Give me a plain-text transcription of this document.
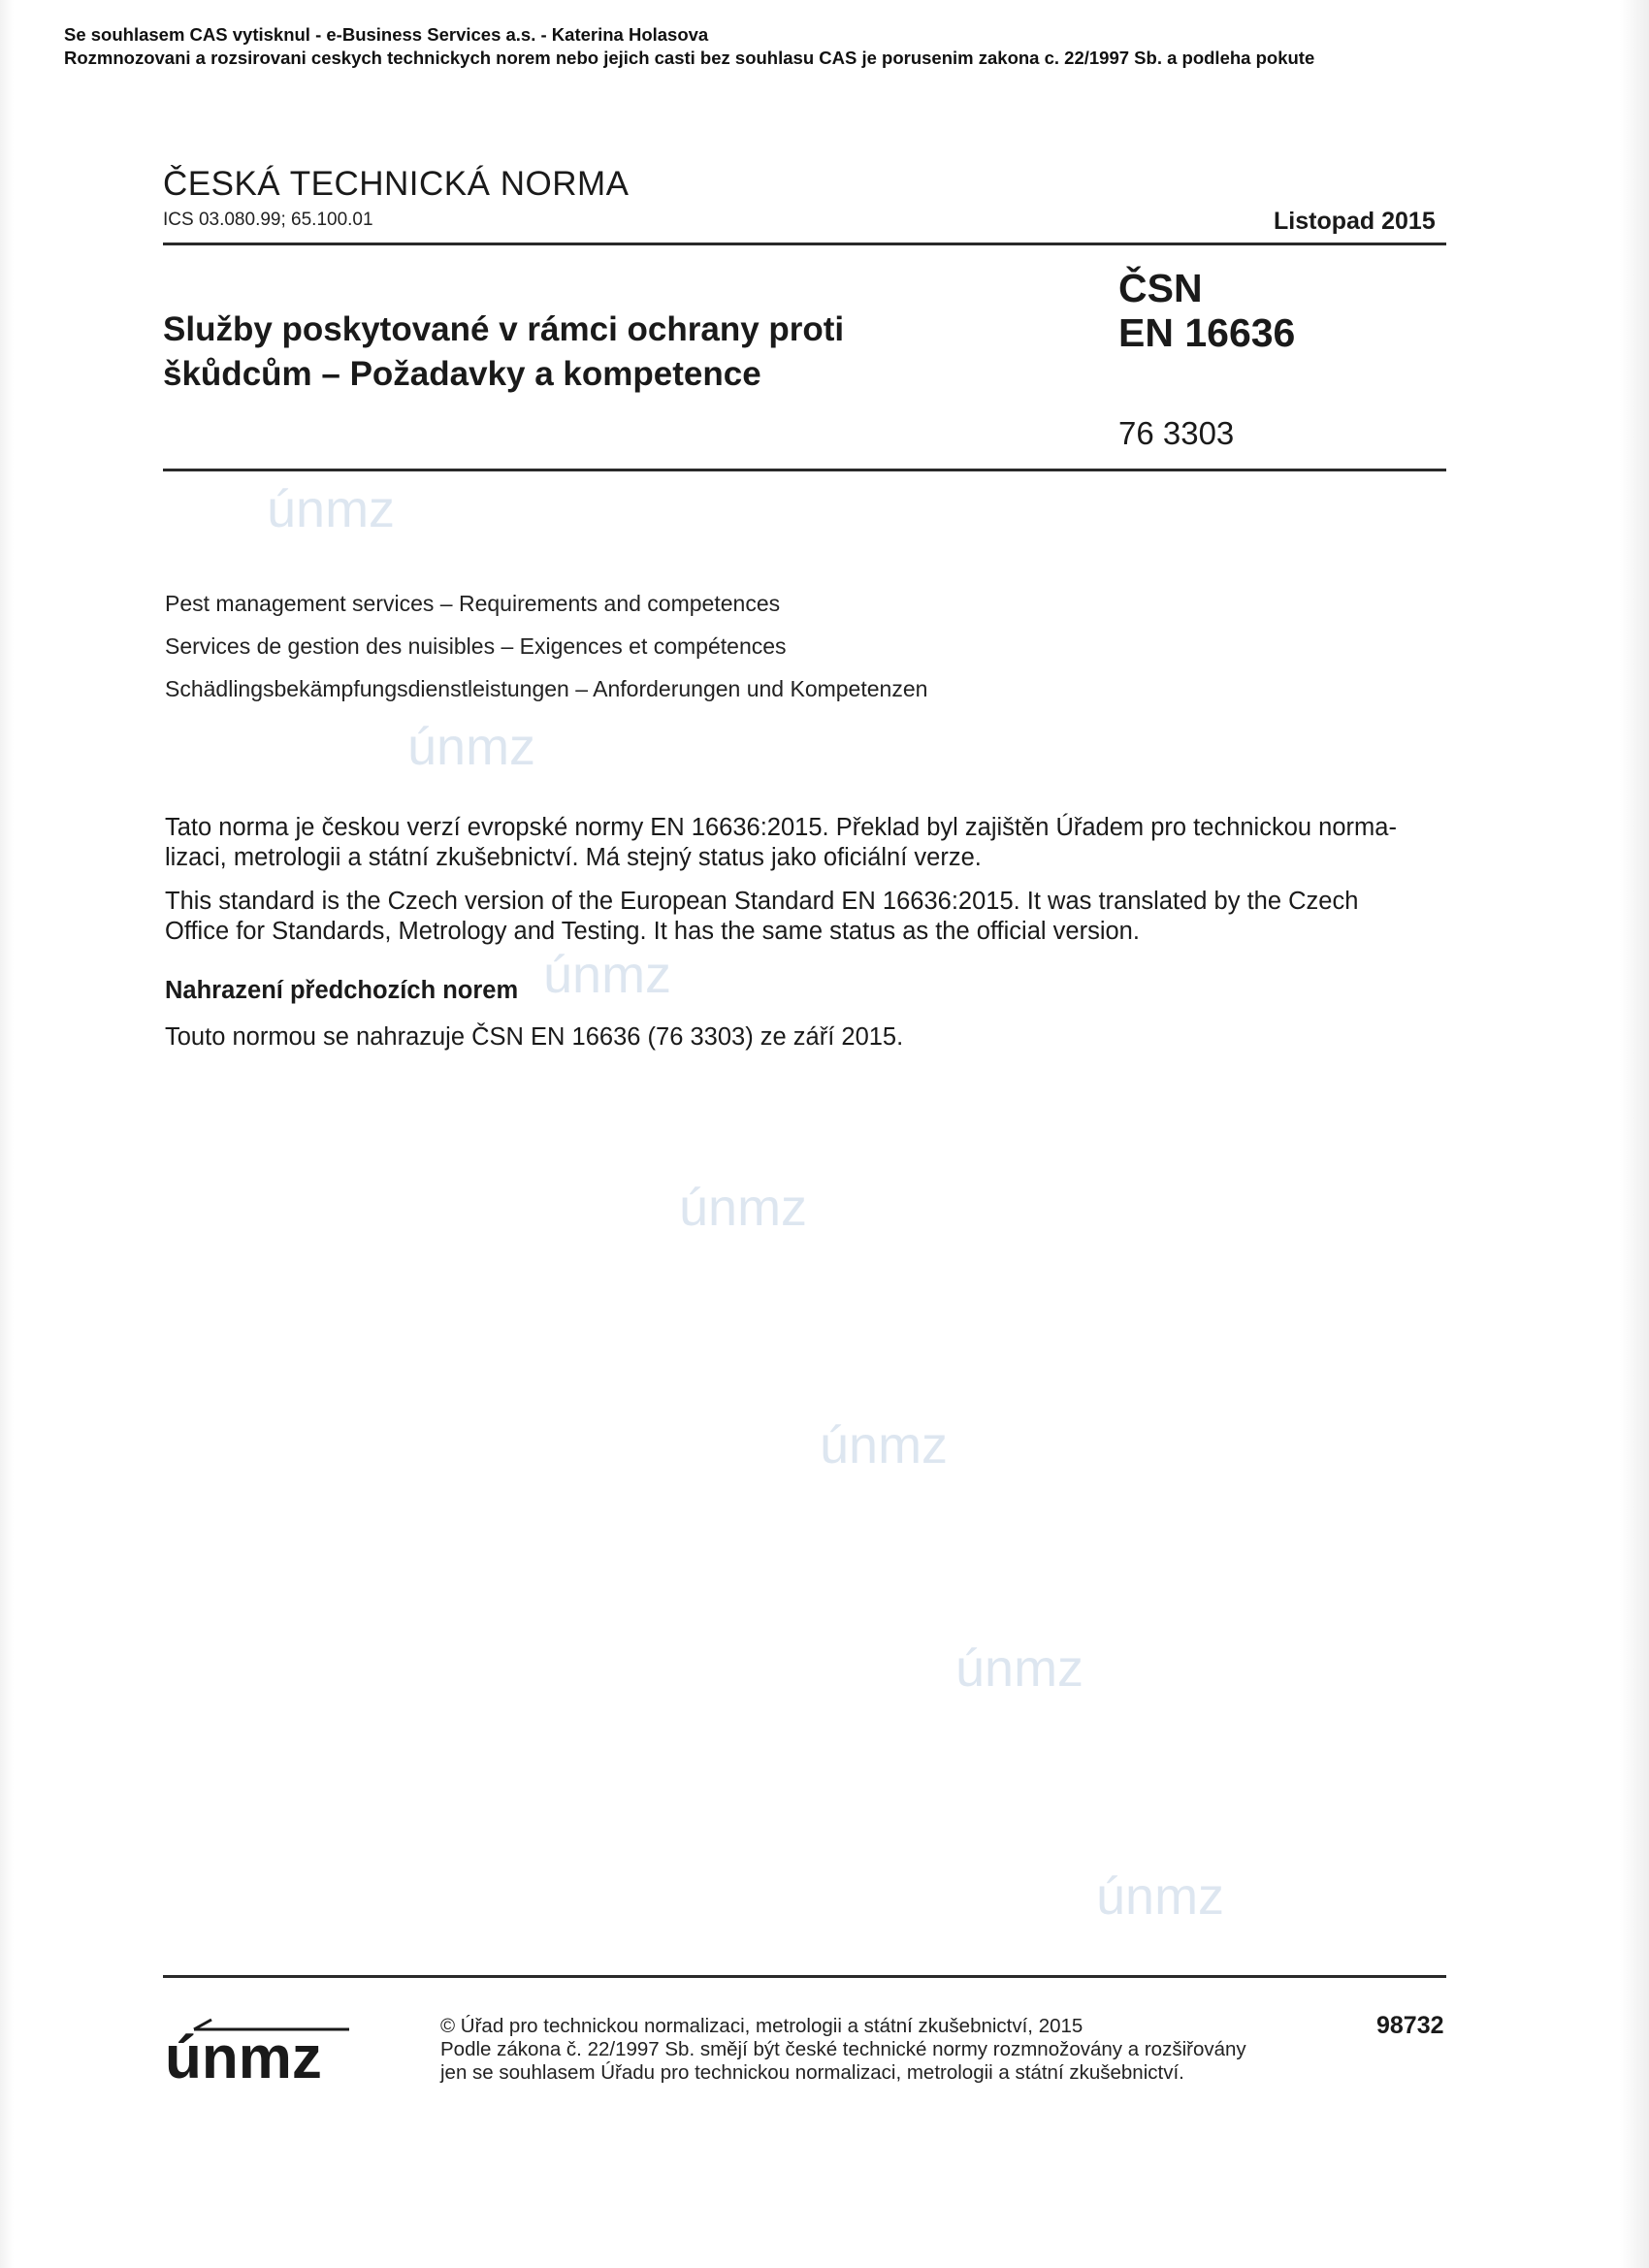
únmz
únmz
únmz
únmz
únmz
únmz
únmz
Se souhlasem CAS vytisknul - e-Business Services a.s. - Katerina Holasova
Rozmnozovani a rozsirovani ceskych technickych norem nebo jejich casti bez souhlasu CAS je porusenim zakona c. 22/1997 Sb. a podleha pokute
ČESKÁ TECHNICKÁ NORMA
ICS 03.080.99; 65.100.01	Listopad 2015
Služby poskytované v rámci ochrany proti
škůdcům – Požadavky a kompetence
ČSN
EN 16636
76 3303
Pest management services – Requirements and competences
Services de gestion des nuisibles – Exigences et compétences
Schädlingsbekämpfungsdienstleistungen – Anforderungen und Kompetenzen
Tato norma je českou verzí evropské normy EN 16636:2015. Překlad byl zajištěn Úřadem pro technickou norma-
lizaci, metrologii a státní zkušebnictví. Má stejný status jako oficiální verze.
This standard is the Czech version of the European Standard EN 16636:2015. It was translated by the Czech
Office for Standards, Metrology and Testing. It has the same status as the official version.
Nahrazení předchozích norem
Touto normou se nahrazuje ČSN EN 16636 (76 3303) ze září 2015.
únmz	© Úřad pro technickou normalizaci, metrologii a státní zkušebnictví, 2015
Podle zákona č. 22/1997 Sb. smějí být české technické normy rozmnožovány a rozšiřovány
jen se souhlasem Úřadu pro technickou normalizaci, metrologii a státní zkušebnictví.
98732
